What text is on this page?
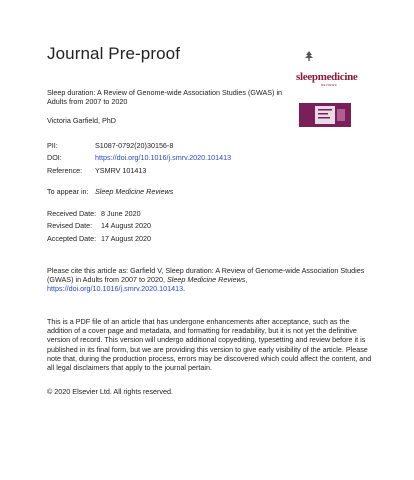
Journal Pre-proof
sleepmedicine
REVIEWS
Sleep duration: A Review of Genome-wide Association Studies (GWAS) in Adults from 2007 to 2020
Victoria Garfield, PhD
PII:	S1087-0792(20)30156-8
DOI:	https://doi.org/10.1016/j.smrv.2020.101413
Reference: YSMRV 101413
To appear in: Sleep Medicine Reviews
Received Date: 8 June 2020
Revised Date: 14 August 2020
Accepted Date: 17 August 2020
Please cite this article as: Garfield V, Sleep duration: A Review of Genome-wide Association Studies (GWAS) in Adults from 2007 to 2020, Sleep Medicine Reviews, https://doi.org/10.1016/j.smrv.2020.101413.
This is a PDF file of an article that has undergone enhancements after acceptance, such as the addition of a cover page and metadata, and formatting for readability, but it is not yet the definitive version of record. This version will undergo additional copyediting, typesetting and review before it is published in its final form, but we are providing this version to give early visibility of the article. Please note that, during the production process, errors may be discovered which could affect the content, and all legal disclaimers that apply to the journal pertain.
© 2020 Elsevier Ltd. All rights reserved.
